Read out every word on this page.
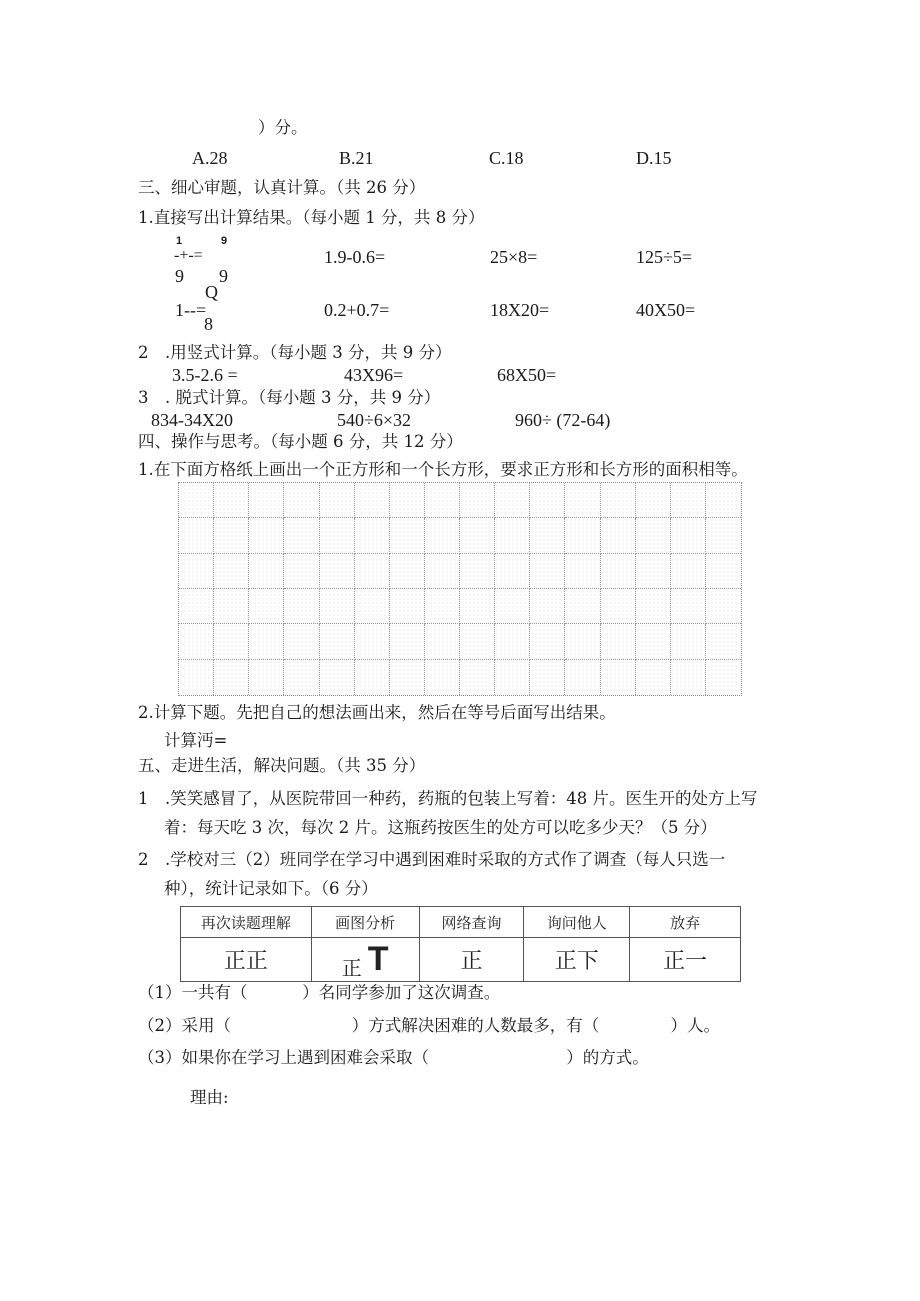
）分。
A.28	B.21	C.18	D.15
三、细心审题，认真计算。（共 26 分）
1.直接写出计算结果。（每小题 1 分，共 8 分）
1	9
-+-=
9 9
1.9-0.6=	25×8=	125÷5=
Q
1--=
8
0.2+0.7=	18X20=	40X50=
2 .用竖式计算。（每小题 3 分，共 9 分）
3.5-2.6 =	43X96=	68X50=
3 . 脱式计算。（每小题 3 分，共 9 分）
834-34X20	540÷6×32	960÷ (72-64)
四、操作与思考。（每小题 6 分，共 12 分）
1.在下面方格纸上画出一个正方形和一个长方形，要求正方形和长方形的面积相等。
2.计算下题。先把自己的想法画出来，然后在等号后面写出结果。
计算沔=
五、走进生活，解决问题。（共 35 分）
1 .笑笑感冒了，从医院带回一种药，药瓶的包装上写着：48 片。医生开的处方上写
着：每天吃 3 次，每次 2 片。这瓶药按医生的处方可以吃多少天？（5 分）
2 .学校对三（2）班同学在学习中遇到困难时采取的方式作了调查（每人只选一
种），统计记录如下。（6 分）
再次读题理解	画图分析	网络查询	询问他人	放弃
正正	正 T	正	正下	正一
（1）一共有（    ）名同学参加了这次调查。
（2）采用（        ）方式解决困难的人数最多，有（     ）人。
（3）如果你在学习上遇到困难会采取（         ）的方式。
理由:
